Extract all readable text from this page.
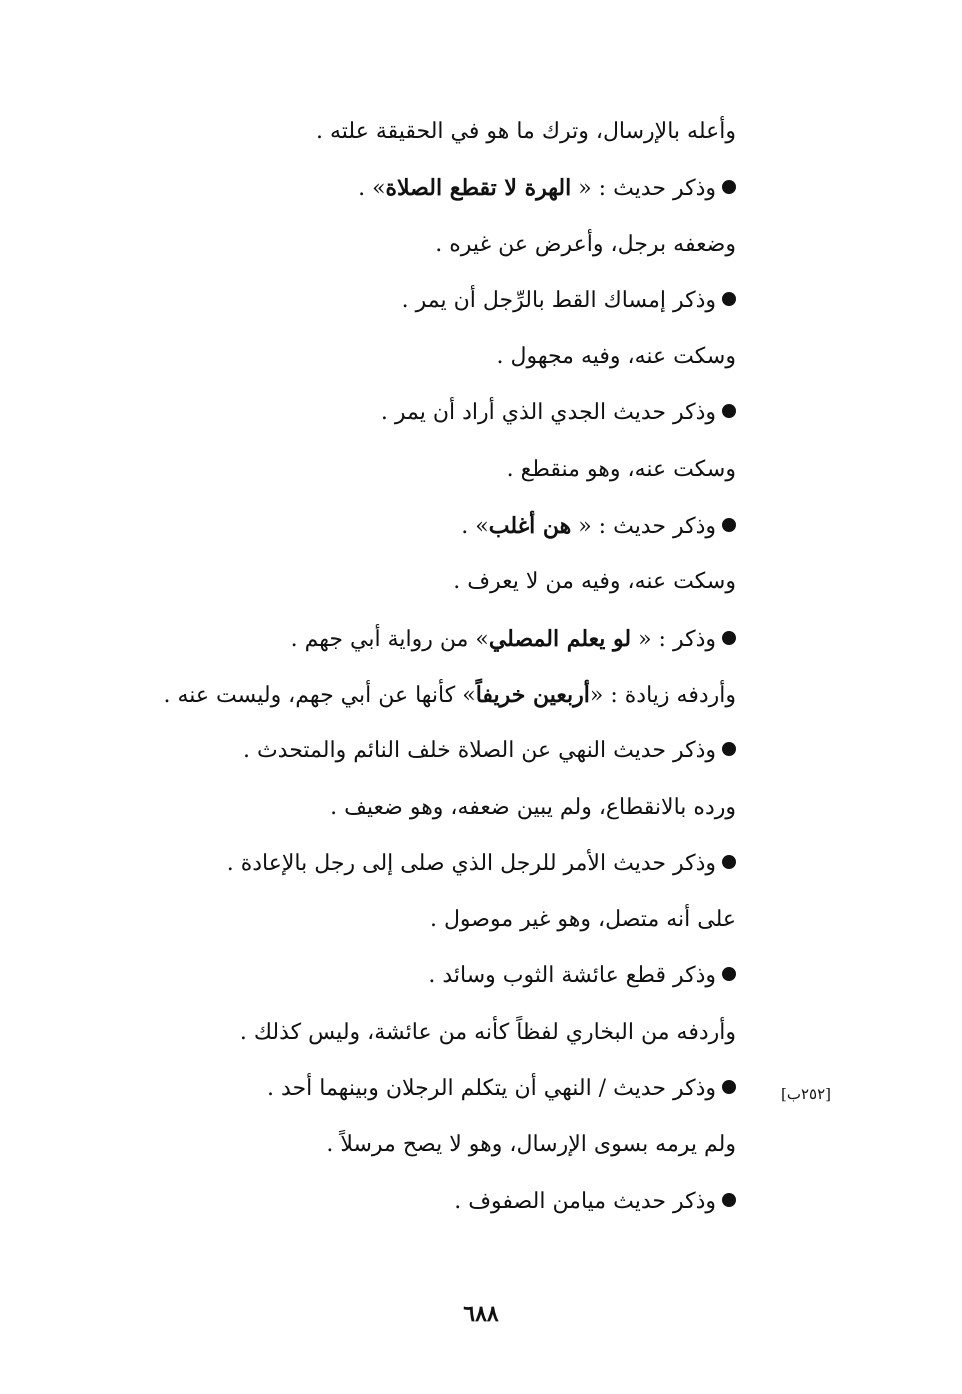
وأعله بالإرسال، وترك ما هو في الحقيقة علته .
وذكر حديث : « الهرة لا تقطع الصلاة» .
وضعفه برجل، وأعرض عن غيره .
وذكر إمساك القط بالرِّجل أن يمر .
وسكت عنه، وفيه مجهول .
وذكر حديث الجدي الذي أراد أن يمر .
وسكت عنه، وهو منقطع .
وذكر حديث : « هن أغلب» .
وسكت عنه، وفيه من لا يعرف .
وذكر : « لو يعلم المصلي» من رواية أبي جهم .
وأردفه زيادة : «أربعين خريفاً» كأنها عن أبي جهم، وليست عنه .
وذكر حديث النهي عن الصلاة خلف النائم والمتحدث .
ورده بالانقطاع، ولم يبين ضعفه، وهو ضعيف .
وذكر حديث الأمر للرجل الذي صلى إلى رجل بالإعادة .
على أنه متصل، وهو غير موصول .
وذكر قطع عائشة الثوب وسائد .
وأردفه من البخاري لفظاً كأنه من عائشة، وليس كذلك .
وذكر حديث / النهي أن يتكلم الرجلان وبينهما أحد .
ولم يرمه بسوى الإرسال، وهو لا يصح مرسلاً .
وذكر حديث ميامن الصفوف .
[٢٥٢ب]
٦٨٨
